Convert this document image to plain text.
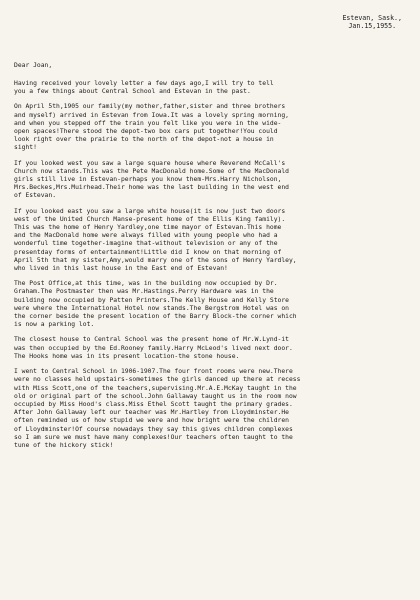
Estevan, Sask.,
Jan.15,1955.
Dear Joan,
Having received your lovely letter a few days ago,I will try to tell
you a few things about Central School and Estevan in the past.
On April 5th,1905 our family(my mother,father,sister and three brothers
and myself) arrived in Estevan from Iowa.It was a lovely spring morning,
and when you stepped off the train you felt like you were in the wide-
open spaces!There stood the depot-two box cars put together!You could
look right over the prairie to the north of the depot-not a house in
sight!
If you looked west you saw a large square house where Reverend McCall's
Church now stands.This was the Pete MacDonald home.Some of the MacDonald
girls still live in Estevan-perhaps you know them-Mrs.Harry Nicholson,
Mrs.Beckes,Mrs.Muirhead.Their home was the last building in the west end
of Estevan.
If you looked east you saw a large white house(it is now just two doors
west of the United Church Manse-present home of the Ellis King family).
This was the home of Henry Yardley,one time mayor of Estevan.This home
and the MacDonald home were always filled with young people who had a
wonderful time together-imagine that-without television or any of the
presentday forms of entertainment!Little did I know on that morning of
April 5th that my sister,Amy,would marry one of the sons of Henry Yardley,
who lived in this last house in the East end of Estevan!
The Post Office,at this time, was in the building now occupied by Dr.
Graham.The Postmaster then was Mr.Hastings.Perry Hardware was in the
building now occupied by Patten Printers.The Kelly House and Kelly Store
were where the International Hotel now stands.The Bergstrom Hotel was on
the corner beside the present location of the Barry Block-the corner which
is now a parking lot.
The closest house to Central School was the present home of Mr.W.Lynd-it
was then occupied by the Ed.Rooney family.Harry McLeod's lived next door.
The Hooks home was in its present location-the stone house.
I went to Central School in 1906-1907.The four front rooms were new.There
were no classes held upstairs-sometimes the girls danced up there at recess
with Miss Scott,one of the teachers,supervising.Mr.A.E.McKay taught in the
old or original part of the school.John Gallaway taught us in the room now
occupied by Miss Hood's class.Miss Ethel Scott taught the primary grades.
After John Gallaway left our teacher was Mr.Hartley from Lloydminster.He
often reminded us of how stupid we were and how bright were the children
of Lloydminster!Of course nowadays they say this gives children complexes
so I am sure we must have many complexes!Our teachers often taught to the
tune of the hickory stick!
